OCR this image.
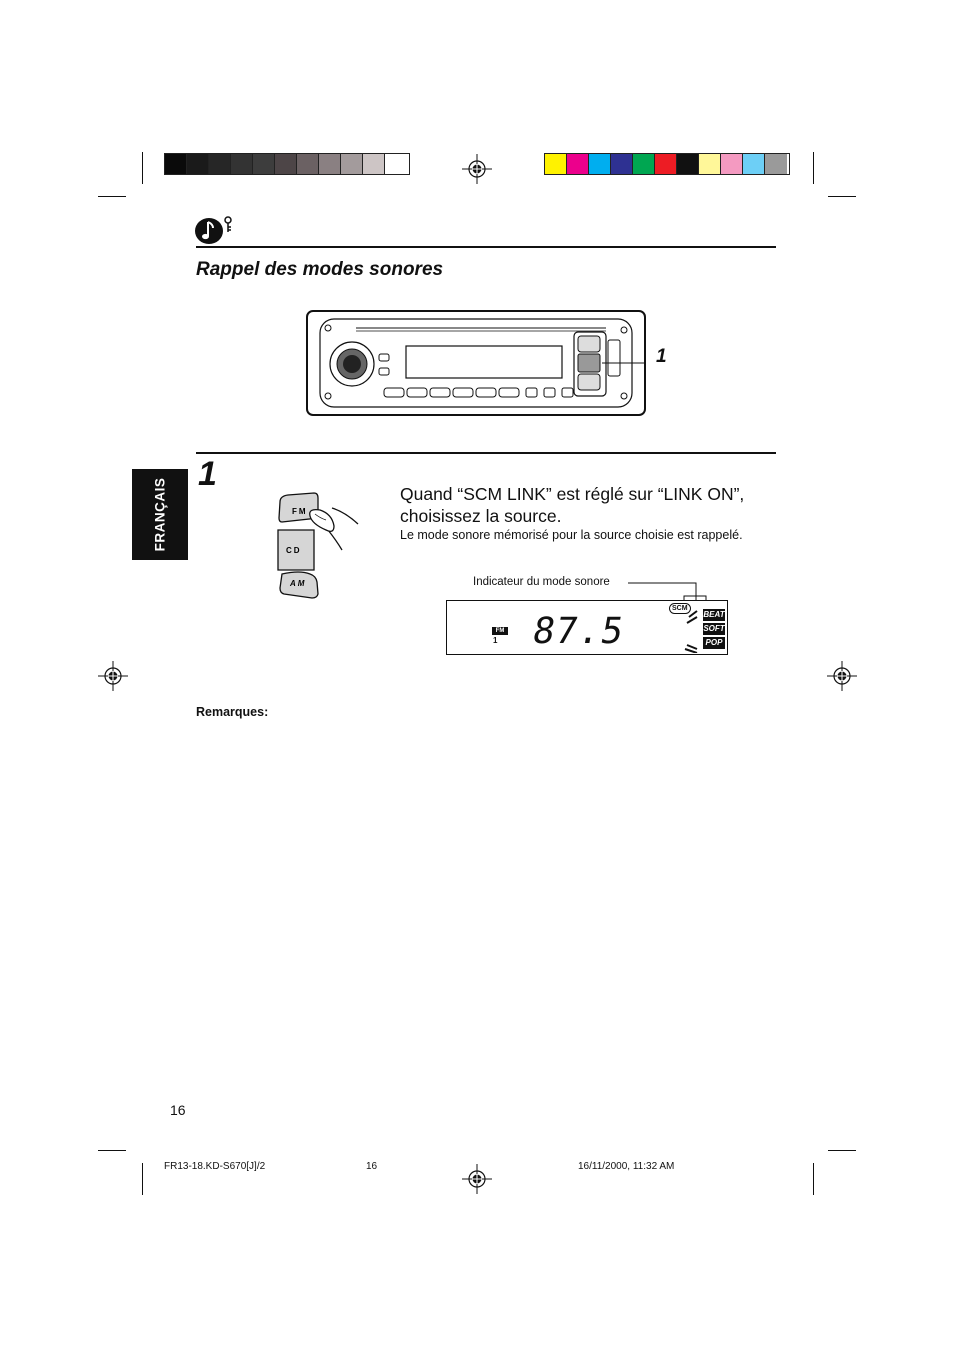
Rappel des modes sonores
1
1
FRANÇAIS	FM
CD
AM
Quand “SCM LINK” est réglé sur “LINK ON”, choisissez la source.
Le mode sonore mémorisé pour la source choisie est rappelé.
Indicateur du mode sonore
FM
1 87.5
SCM
BEAT
SOFT
POP
Remarques:
16
FR13-18.KD-S670[J]/2	16	16/11/2000, 11:32 AM
